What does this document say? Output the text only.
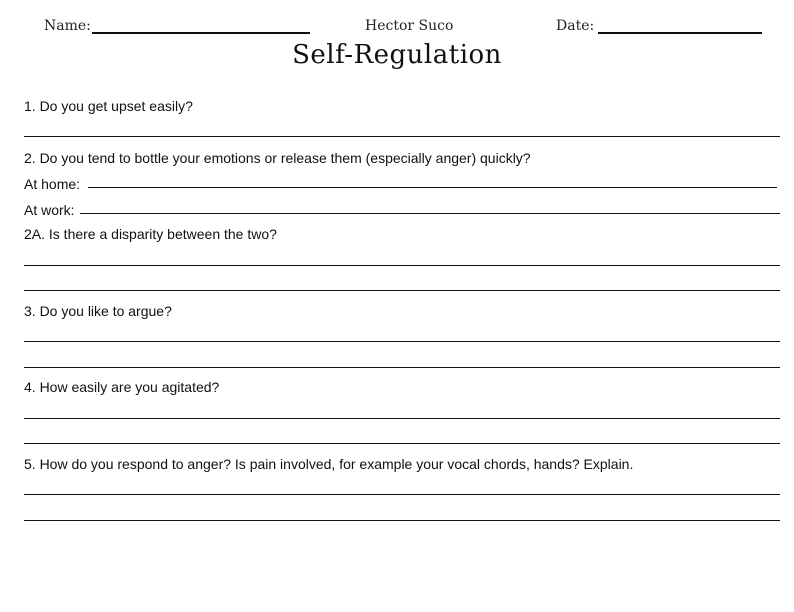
Name:	Hector Suco	Date:
Self-Regulation
1. Do you get upset easily?
2. Do you tend to bottle your emotions or release them (especially anger) quickly?
At home:
At work:
2A. Is there a disparity between the two?
3. Do you like to argue?
4. How easily are you agitated?
5. How do you respond to anger? Is pain involved, for example your vocal chords, hands? Explain.
